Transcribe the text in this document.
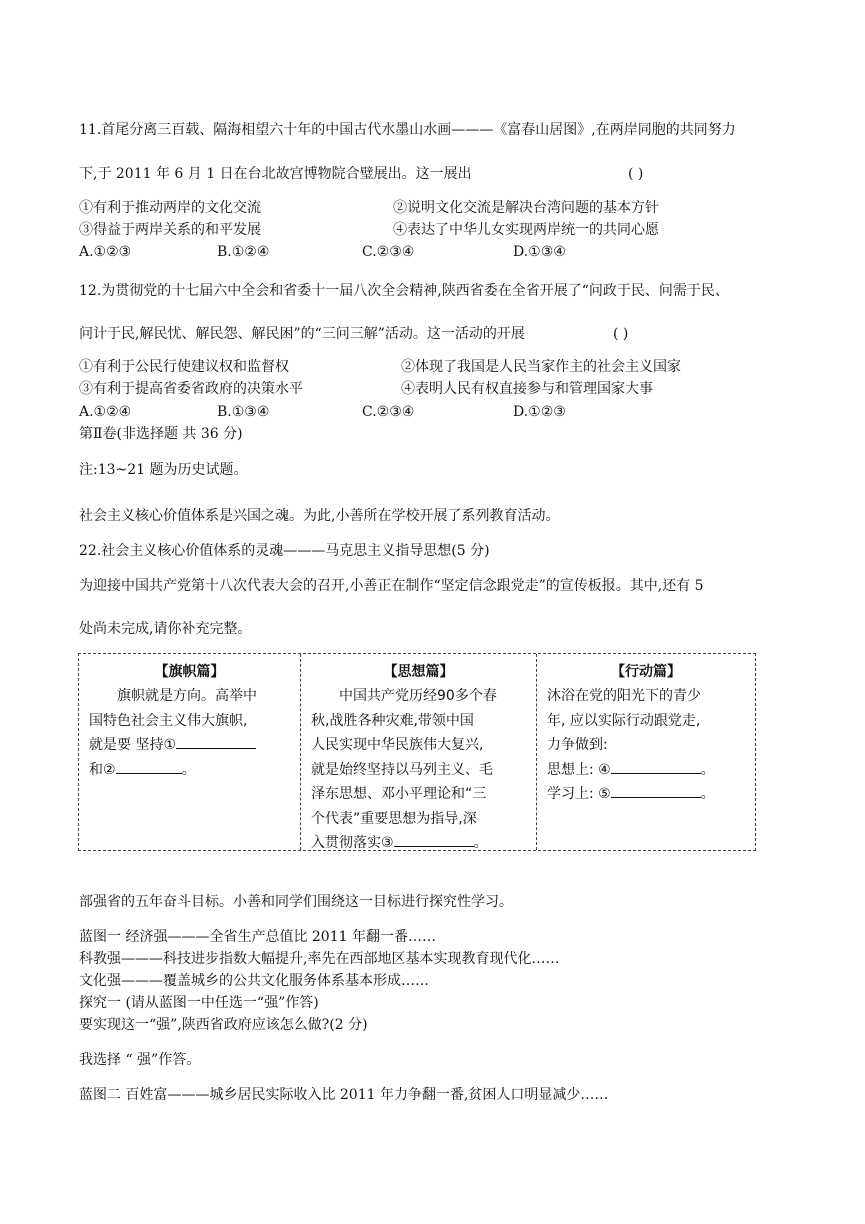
11.首尾分离三百载、隔海相望六十年的中国古代水墨山水画———《富春山居图》,在两岸同胞的共同努力
下,于 2011 年 6 月 1 日在台北故宫博物院合璧展出。这一展出	( )
①有利于推动两岸的文化交流	②说明文化交流是解决台湾问题的基本方针
③得益于两岸关系的和平发展	④表达了中华儿女实现两岸统一的共同心愿
A.①②③	B.①②④	C.②③④	D.①③④
12.为贯彻党的十七届六中全会和省委十一届八次全会精神,陕西省委在全省开展了“问政于民、问需于民、
问计于民,解民忧、解民怨、解民困”的“三问三解”活动。这一活动的开展	( )
①有利于公民行使建议权和监督权	②体现了我国是人民当家作主的社会主义国家
③有利于提高省委省政府的决策水平	④表明人民有权直接参与和管理国家大事
A.①②④	B.①③④	C.②③④	D.①②③
第Ⅱ卷(非选择题 共 36 分)
注:13~21 题为历史试题。
社会主义核心价值体系是兴国之魂。为此,小善所在学校开展了系列教育活动。
22.社会主义核心价值体系的灵魂———马克思主义指导思想(5 分)
为迎接中国共产党第十八次代表大会的召开,小善正在制作“坚定信念跟党走”的宣传板报。其中,还有 5
处尚未完成,请你补充完整。
【旗帜篇】
　　旗帜就是方向。高举中
国特色社会主义伟大旗帜,
就是要 坚持①
和②	。
【思想篇】
　　中国共产党历经90多个春
秋,战胜各种灾难,带领中国
人民实现中华民族伟大复兴,
就是始终坚持以马列主义、毛
泽东思想、邓小平理论和“三
个代表”重要思想为指导,深
入贯彻落实③	。
【行动篇】
沐浴在党的阳光下的青少
年, 应以实际行动跟党走,
力争做到:
思想上: ④	。
学习上: ⑤	。
部强省的五年奋斗目标。小善和同学们围绕这一目标进行探究性学习。
蓝图一 经济强———全省生产总值比 2011 年翻一番……
科教强———科技进步指数大幅提升,率先在西部地区基本实现教育现代化……
文化强———覆盖城乡的公共文化服务体系基本形成……
探究一 (请从蓝图一中任选一“强”作答)
要实现这一“强”,陕西省政府应该怎么做?(2 分)
我选择 “ 强”作答。
蓝图二 百姓富———城乡居民实际收入比 2011 年力争翻一番,贫困人口明显减少……
